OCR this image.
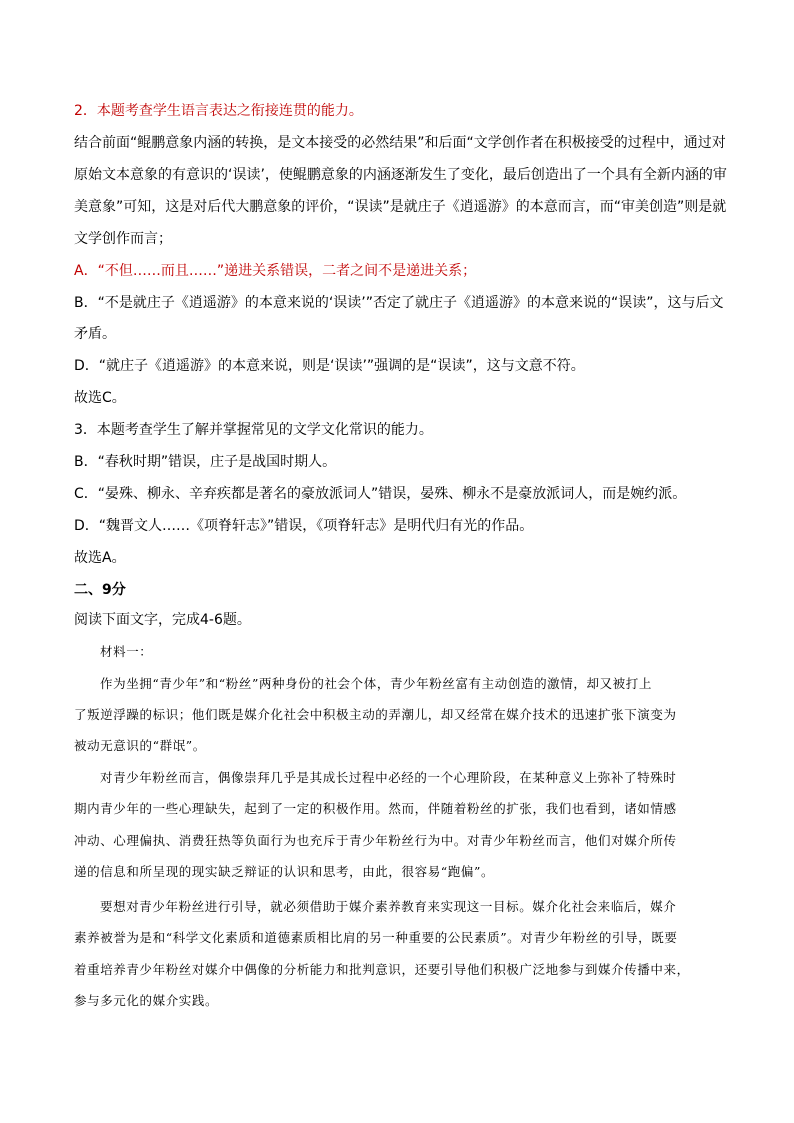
2．本题考查学生语言表达之衔接连贯的能力。
结合前面“鲲鹏意象内涵的转换，是文本接受的必然结果”和后面“文学创作者在积极接受的过程中，通过对
原始文本意象的有意识的‘误读’，使鲲鹏意象的内涵逐渐发生了变化，最后创造出了一个具有全新内涵的审
美意象”可知，这是对后代大鹏意象的评价，“误读”是就庄子《逍遥游》的本意而言，而“审美创造”则是就
文学创作而言；
A．“不但……而且……”递进关系错误，二者之间不是递进关系；
B．“不是就庄子《逍遥游》的本意来说的‘误读’”否定了就庄子《逍遥游》的本意来说的“误读”，这与后文
矛盾。
D．“就庄子《逍遥游》的本意来说，则是‘误读’”强调的是“误读”，这与文意不符。
故选C。
3．本题考查学生了解并掌握常见的文学文化常识的能力。
B．“春秋时期”错误，庄子是战国时期人。
C．“晏殊、柳永、辛弃疾都是著名的豪放派词人”错误，晏殊、柳永不是豪放派词人，而是婉约派。
D．“魏晋文人……《项脊轩志》”错误，《项脊轩志》是明代归有光的作品。
故选A。
二、9分
阅读下面文字，完成4-6题。
材料一：
作为坐拥“青少年”和“粉丝”两种身份的社会个体，青少年粉丝富有主动创造的激情，却又被打上
了叛逆浮躁的标识；他们既是媒介化社会中积极主动的弄潮儿，却又经常在媒介技术的迅速扩张下演变为
被动无意识的“群氓”。
对青少年粉丝而言，偶像崇拜几乎是其成长过程中必经的一个心理阶段，在某种意义上弥补了特殊时
期内青少年的一些心理缺失，起到了一定的积极作用。然而，伴随着粉丝的扩张，我们也看到，诸如情感
冲动、心理偏执、消费狂热等负面行为也充斥于青少年粉丝行为中。对青少年粉丝而言，他们对媒介所传
递的信息和所呈现的现实缺乏辩证的认识和思考，由此，很容易“跑偏”。
要想对青少年粉丝进行引导，就必须借助于媒介素养教育来实现这一目标。媒介化社会来临后，媒介
素养被誉为是和“科学文化素质和道德素质相比肩的另一种重要的公民素质”。对青少年粉丝的引导，既要
着重培养青少年粉丝对媒介中偶像的分析能力和批判意识，还要引导他们积极广泛地参与到媒介传播中来，
参与多元化的媒介实践。
